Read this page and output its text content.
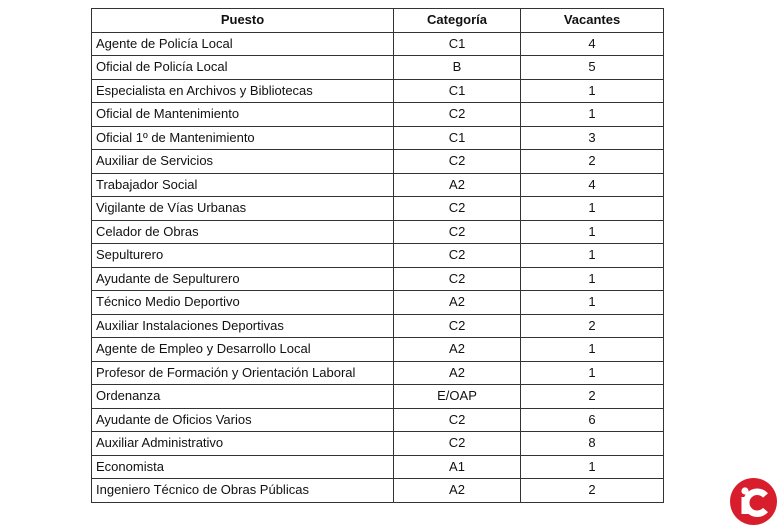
Puesto	Categoría	Vacantes
Agente de Policía Local	C1	4
Oficial de Policía Local	B	5
Especialista en Archivos y Bibliotecas	C1	1
Oficial de Mantenimiento	C2	1
Oficial 1º de Mantenimiento	C1	3
Auxiliar de Servicios	C2	2
Trabajador Social	A2	4
Vigilante de Vías Urbanas	C2	1
Celador de Obras	C2	1
Sepulturero	C2	1
Ayudante de Sepulturero	C2	1
Técnico Medio Deportivo	A2	1
Auxiliar Instalaciones Deportivas	C2	2
Agente de Empleo y Desarrollo Local	A2	1
Profesor de Formación y Orientación Laboral	A2	1
Ordenanza	E/OAP	2
Ayudante de Oficios Varios	C2	6
Auxiliar Administrativo	C2	8
Economista	A1	1
Ingeniero Técnico de Obras Públicas	A2	2
